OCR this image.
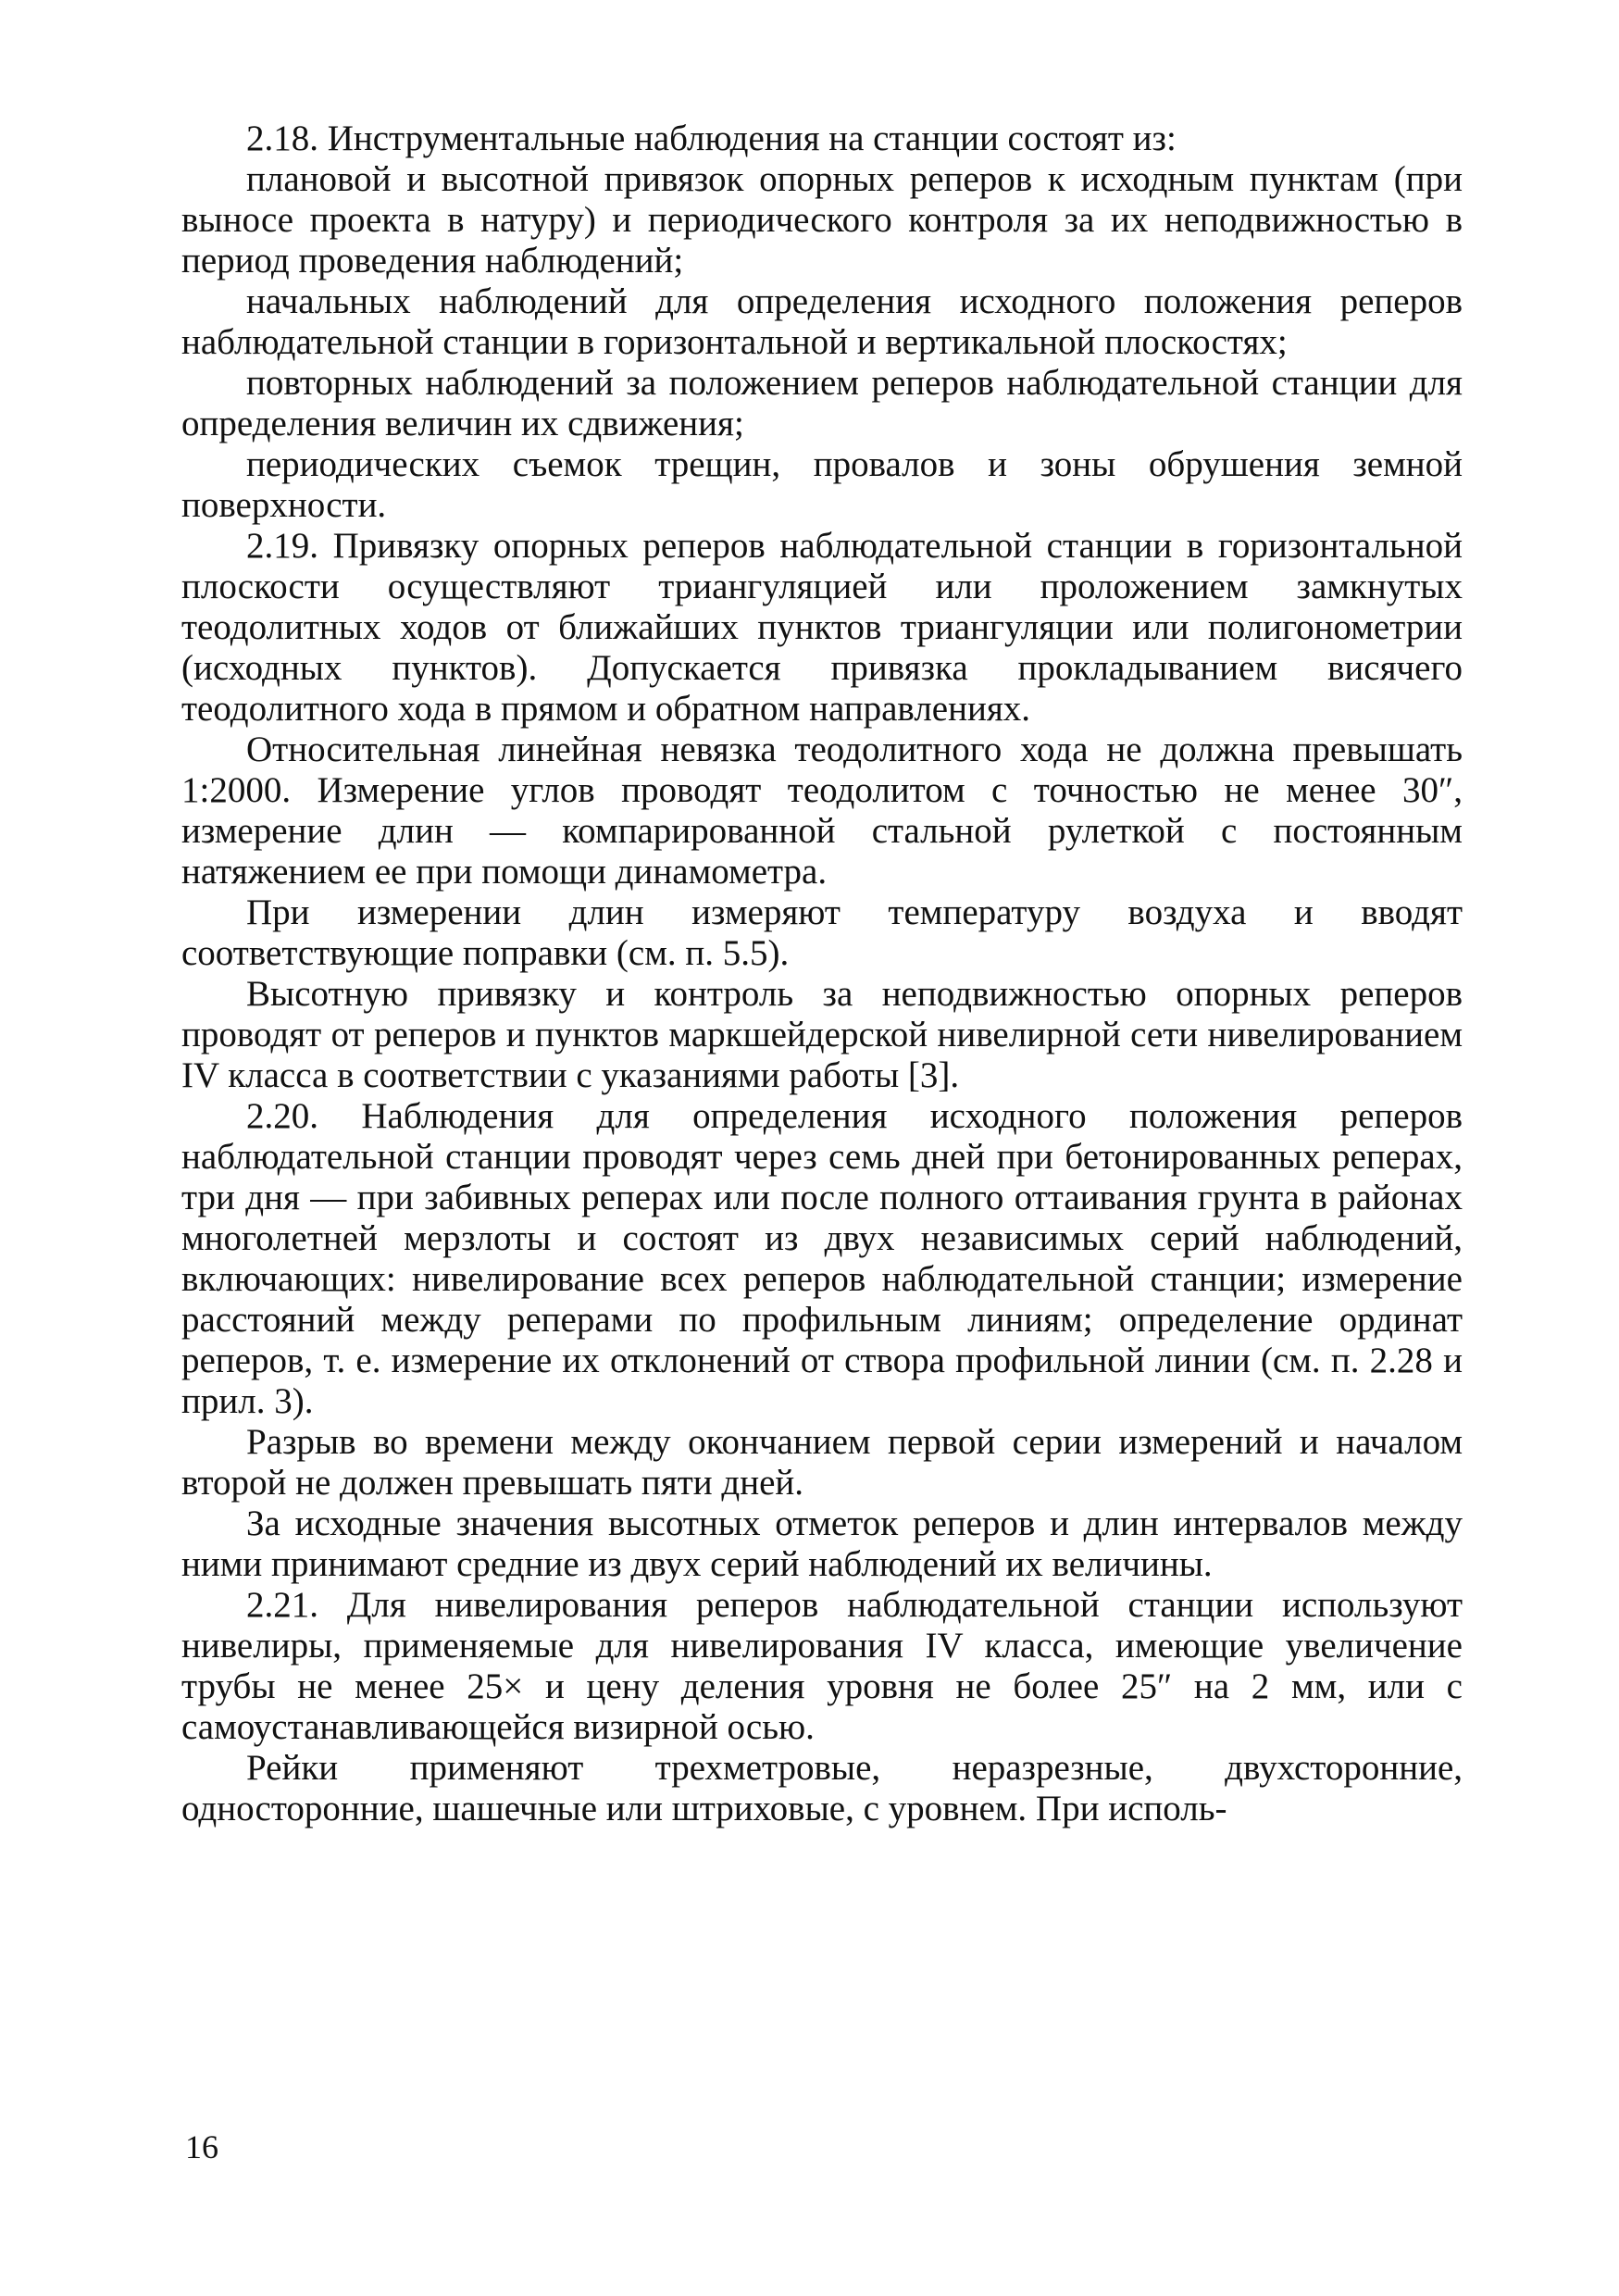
2.18. Инструментальные наблюдения на станции состоят из:

плановой и высотной привязок опорных реперов к исходным пунктам (при выносе проекта в натуру) и периодического контроля за их неподвижностью в период проведения наблюдений;

начальных наблюдений для определения исходного положения реперов наблюдательной станции в горизонтальной и вертикальной плоскостях;

повторных наблюдений за положением реперов наблюдательной станции для определения величин их сдвижения;

периодических съемок трещин, провалов и зоны обрушения земной поверхности.

2.19. Привязку опорных реперов наблюдательной станции в горизонтальной плоскости осуществляют триангуляцией или проложением замкнутых теодолитных ходов от ближайших пунктов триангуляции или полигонометрии (исходных пунктов). Допускается привязка прокладыванием висячего теодолитного хода в прямом и обратном направлениях.

Относительная линейная невязка теодолитного хода не должна превышать 1:2000. Измерение углов проводят теодолитом с точностью не менее 30″, измерение длин — компарированной стальной рулеткой с постоянным натяжением ее при помощи динамометра.

При измерении длин измеряют температуру воздуха и вводят соответствующие поправки (см. п. 5.5).

Высотную привязку и контроль за неподвижностью опорных реперов проводят от реперов и пунктов маркшейдерской нивелирной сети нивелированием IV класса в соответствии с указаниями работы [3].

2.20. Наблюдения для определения исходного положения реперов наблюдательной станции проводят через семь дней при бетонированных реперах, три дня — при забивных реперах или после полного оттаивания грунта в районах многолетней мерзлоты и состоят из двух независимых серий наблюдений, включающих: нивелирование всех реперов наблюдательной станции; измерение расстояний между реперами по профильным линиям; определение ординат реперов, т. е. измерение их отклонений от створа профильной линии (см. п. 2.28 и прил. 3).

Разрыв во времени между окончанием первой серии измерений и началом второй не должен превышать пяти дней.

За исходные значения высотных отметок реперов и длин интервалов между ними принимают средние из двух серий наблюдений их величины.

2.21. Для нивелирования реперов наблюдательной станции используют нивелиры, применяемые для нивелирования IV класса, имеющие увеличение трубы не менее 25× и цену деления уровня не более 25″ на 2 мм, или с самоустанавливающейся визирной осью.

Рейки применяют трехметровые, неразрезные, двухсторонние, односторонние, шашечные или штриховые, с уровнем. При исполь-

16
